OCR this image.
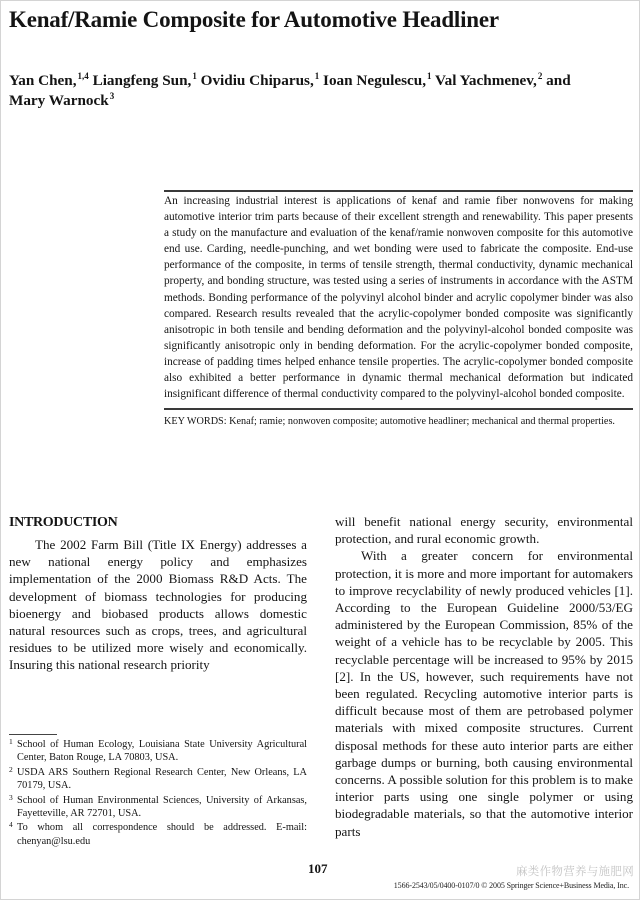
Kenaf/Ramie Composite for Automotive Headliner
Yan Chen,$^{1,4}$ Liangfeng Sun,$^1$ Ovidiu Chiparus,$^1$ Ioan Negulescu,$^1$ Val Yachmenev,$^2$ and
Mary Warnock$^3$

An increasing industrial interest is applications of kenaf and ramie fiber nonwovens for making automotive interior trim parts because of their excellent strength and renewability. This paper presents a study on the manufacture and evaluation of the kenaf/ramie nonwoven composite for this automotive end use. Carding, needle-punching, and wet bonding were used to fabricate the composite. End-use performance of the composite, in terms of tensile strength, thermal conductivity, dynamic mechanical property, and bonding structure, was tested using a series of instruments in accordance with the ASTM methods. Bonding performance of the polyvinyl alcohol binder and acrylic copolymer binder was also compared. Research results revealed that the acrylic-copolymer bonded composite was significantly anisotropic in both tensile and bending deformation and the polyvinyl-alcohol bonded composite was significantly anisotropic only in bending deformation. For the acrylic-copolymer bonded composite, increase of padding times helped enhance tensile properties. The acrylic-copolymer bonded composite also exhibited a better performance in dynamic thermal mechanical deformation but indicated insignificant difference of thermal conductivity compared to the polyvinyl-alcohol bonded composite.

KEY WORDS: Kenaf; ramie; nonwoven composite; automotive headliner; mechanical and thermal properties.

INTRODUCTION

The 2002 Farm Bill (Title IX Energy) addresses a new national energy policy and emphasizes implementation of the 2000 Biomass R&D Acts. The development of biomass technologies for producing bioenergy and biobased products allows domestic natural resources such as crops, trees, and agricultural residues to be utilized more wisely and economically. Insuring this national research priority

will benefit national energy security, environmental protection, and rural economic growth.

With a greater concern for environmental protection, it is more and more important for automakers to improve recyclability of newly produced vehicles [1]. According to the European Guideline 2000/53/EG administered by the European Commission, 85% of the weight of a vehicle has to be recyclable by 2005. This recyclable percentage will be increased to 95% by 2015 [2]. In the US, however, such requirements have not been regulated. Recycling automotive interior parts is difficult because most of them are petrobased polymer materials with mixed composite structures. Current disposal methods for these auto interior parts are either garbage dumps or burning, both causing environmental concerns. A possible solution for this problem is to make interior parts using one single polymer or using biodegradable materials, so that the automotive interior parts

1 School of Human Ecology, Louisiana State University Agricultural Center, Baton Rouge, LA 70803, USA.

2 USDA ARS Southern Regional Research Center, New Orleans, LA 70179, USA.

3 School of Human Environmental Sciences, University of Arkansas, Fayetteville, AR 72701, USA.

4 To whom all correspondence should be addressed. E-mail: chenyan@lsu.edu

107	麻类作物营养与施肥网
1566-2543/05/0400-0107/0 © 2005 Springer Science+Business Media, Inc.
